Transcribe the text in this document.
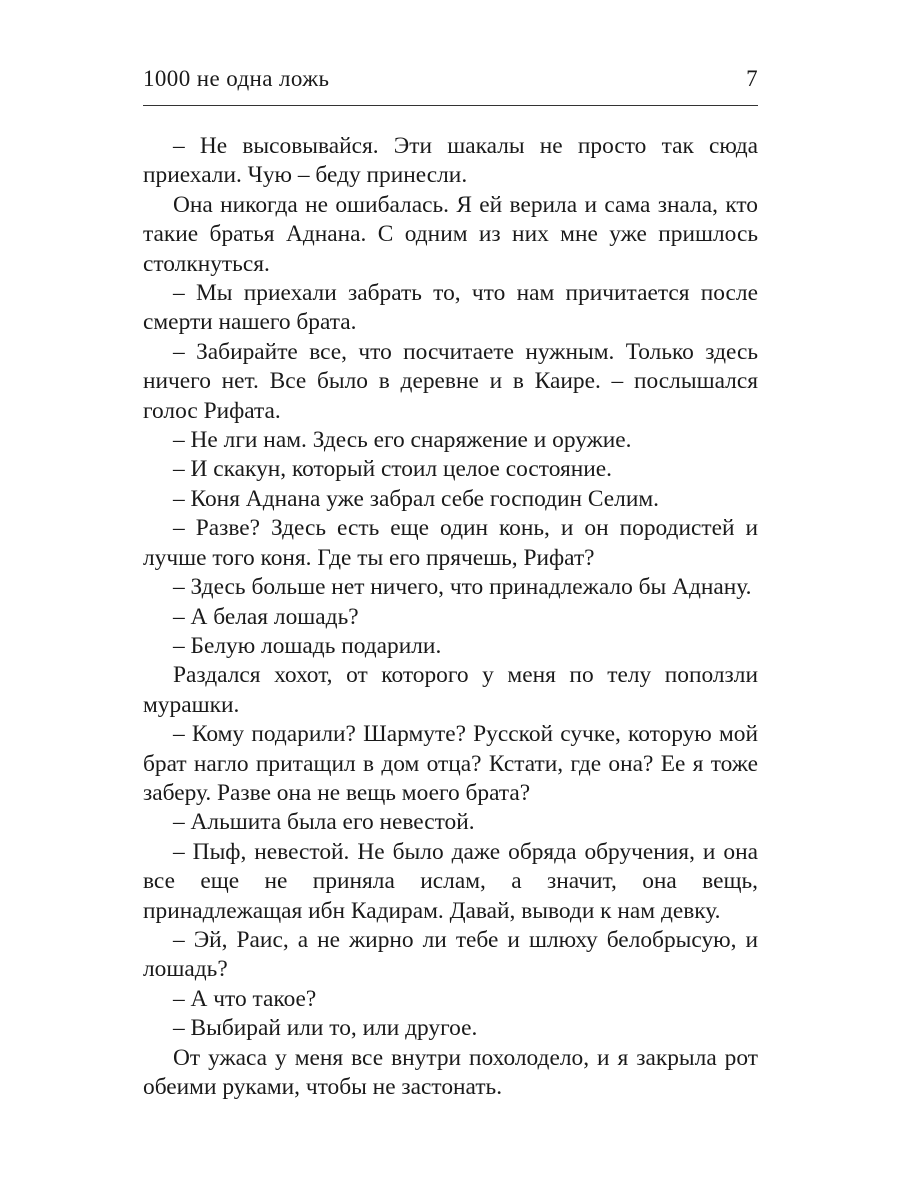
1000 не одна ложь	7

– Не высовывайся. Эти шакалы не просто так сюда приехали. Чую – беду принесли.

Она никогда не ошибалась. Я ей верила и сама знала, кто такие братья Аднана. С одним из них мне уже пришлось столкнуться.

– Мы приехали забрать то, что нам причитается после смерти нашего брата.

– Забирайте все, что посчитаете нужным. Только здесь ничего нет. Все было в деревне и в Каире. – послышался голос Рифата.

– Не лги нам. Здесь его снаряжение и оружие.

– И скакун, который стоил целое состояние.

– Коня Аднана уже забрал себе господин Селим.

– Разве? Здесь есть еще один конь, и он породистей и лучше того коня. Где ты его прячешь, Рифат?

– Здесь больше нет ничего, что принадлежало бы Аднану.

– А белая лошадь?

– Белую лошадь подарили.

Раздался хохот, от которого у меня по телу поползли мурашки.

– Кому подарили? Шармуте? Русской сучке, которую мой брат нагло притащил в дом отца? Кстати, где она? Ее я тоже заберу. Разве она не вещь моего брата?

– Альшита была его невестой.

– Пыф, невестой. Не было даже обряда обручения, и она все еще не приняла ислам, а значит, она вещь, принадлежащая ибн Кадирам. Давай, выводи к нам девку.

– Эй, Раис, а не жирно ли тебе и шлюху белобрысую, и лошадь?

– А что такое?

– Выбирай или то, или другое.

От ужаса у меня все внутри похолодело, и я закрыла рот обеими руками, чтобы не застонать.
